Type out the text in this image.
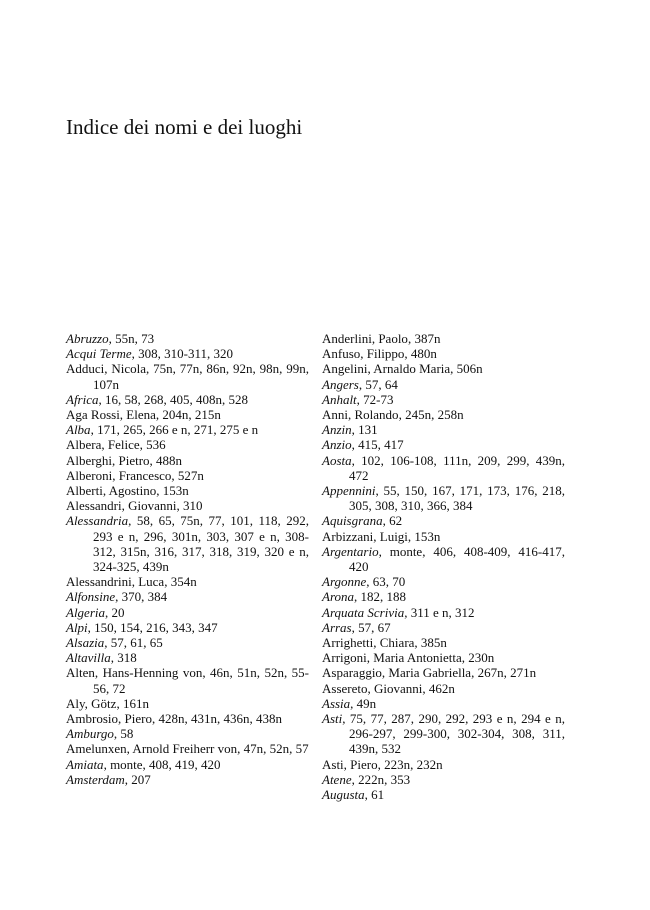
Indice dei nomi e dei luoghi

Abruzzo, 55n, 73

Acqui Terme, 308, 310-311, 320

Adduci, Nicola, 75n, 77n, 86n, 92n, 98n, 99n, 107n

Africa, 16, 58, 268, 405, 408n, 528

Aga Rossi, Elena, 204n, 215n

Alba, 171, 265, 266 e n, 271, 275 e n

Albera, Felice, 536

Alberghi, Pietro, 488n

Alberoni, Francesco, 527n

Alberti, Agostino, 153n

Alessandri, Giovanni, 310

Alessandria, 58, 65, 75n, 77, 101, 118, 292, 293 e n, 296, 301n, 303, 307 e n, 308-312, 315n, 316, 317, 318, 319, 320 e n, 324-325, 439n

Alessandrini, Luca, 354n

Alfonsine, 370, 384

Algeria, 20

Alpi, 150, 154, 216, 343, 347

Alsazia, 57, 61, 65

Altavilla, 318

Alten, Hans-Henning von, 46n, 51n, 52n, 55-56, 72

Aly, Götz, 161n

Ambrosio, Piero, 428n, 431n, 436n, 438n

Amburgo, 58

Amelunxen, Arnold Freiherr von, 47n, 52n, 57

Amiata, monte, 408, 419, 420

Amsterdam, 207

Anderlini, Paolo, 387n

Anfuso, Filippo, 480n

Angelini, Arnaldo Maria, 506n

Angers, 57, 64

Anhalt, 72-73

Anni, Rolando, 245n, 258n

Anzin, 131

Anzio, 415, 417

Aosta, 102, 106-108, 111n, 209, 299, 439n, 472

Appennini, 55, 150, 167, 171, 173, 176, 218, 305, 308, 310, 366, 384

Aquisgrana, 62

Arbizzani, Luigi, 153n

Argentario, monte, 406, 408-409, 416-417, 420

Argonne, 63, 70

Arona, 182, 188

Arquata Scrivia, 311 e n, 312

Arras, 57, 67

Arrighetti, Chiara, 385n

Arrigoni, Maria Antonietta, 230n

Asparaggio, Maria Gabriella, 267n, 271n

Assereto, Giovanni, 462n

Assia, 49n

Asti, 75, 77, 287, 290, 292, 293 e n, 294 e n, 296-297, 299-300, 302-304, 308, 311, 439n, 532

Asti, Piero, 223n, 232n

Atene, 222n, 353

Augusta, 61
